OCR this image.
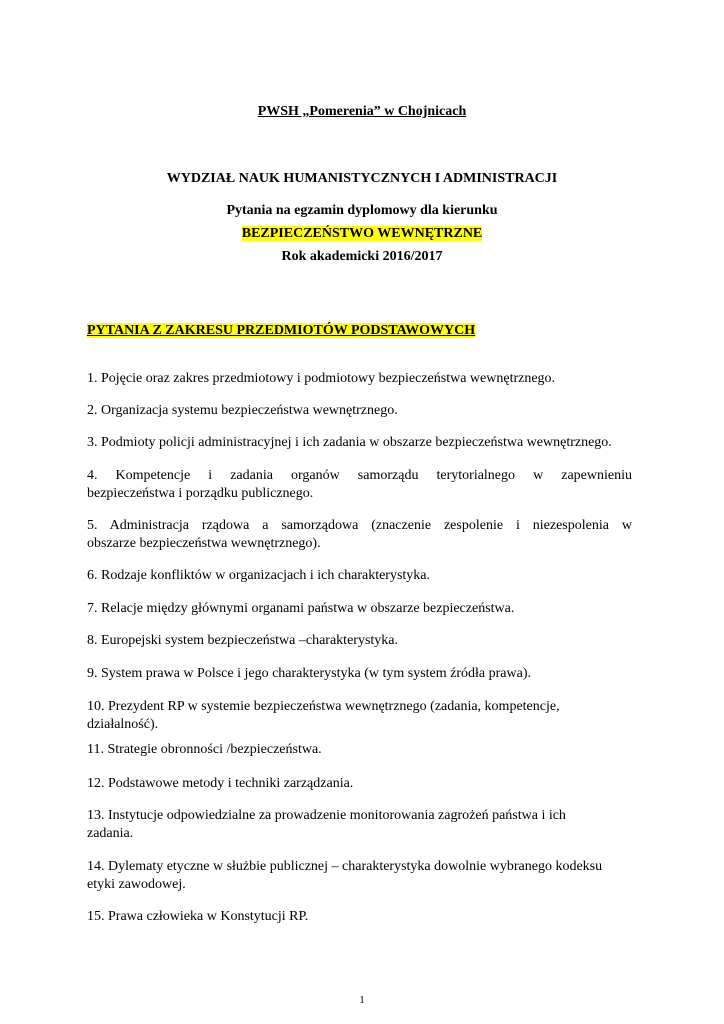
PWSH „Pomerenia” w Chojnicach
WYDZIAŁ NAUK HUMANISTYCZNYCH I ADMINISTRACJI
Pytania na egzamin dyplomowy dla kierunku
BEZPIECZEŃSTWO WEWNĘTRZNE
Rok akademicki 2016/2017
PYTANIA Z ZAKRESU PRZEDMIOTÓW PODSTAWOWYCH
1. Pojęcie oraz zakres przedmiotowy i podmiotowy bezpieczeństwa wewnętrznego.
2. Organizacja systemu bezpieczeństwa wewnętrznego.
3. Podmioty policji administracyjnej i ich zadania w obszarze bezpieczeństwa wewnętrznego.
4. Kompetencje i zadania organów samorządu terytorialnego w zapewnieniu
bezpieczeństwa i porządku publicznego.
5. Administracja rządowa a samorządowa (znaczenie zespolenie i niezespolenia w
obszarze bezpieczeństwa wewnętrznego).
6. Rodzaje konfliktów w organizacjach i ich charakterystyka.
7. Relacje między głównymi organami państwa w obszarze bezpieczeństwa.
8. Europejski system bezpieczeństwa –charakterystyka.
9. System prawa w Polsce i jego charakterystyka (w tym system źródła prawa).
10. Prezydent RP w systemie bezpieczeństwa wewnętrznego (zadania, kompetencje,
działalność).
11. Strategie obronności /bezpieczeństwa.
12. Podstawowe metody i techniki zarządzania.
13. Instytucje odpowiedzialne za prowadzenie monitorowania zagrożeń państwa i ich
zadania.
14. Dylematy etyczne w służbie publicznej – charakterystyka dowolnie wybranego kodeksu
etyki zawodowej.
15. Prawa człowieka w Konstytucji RP.
1
